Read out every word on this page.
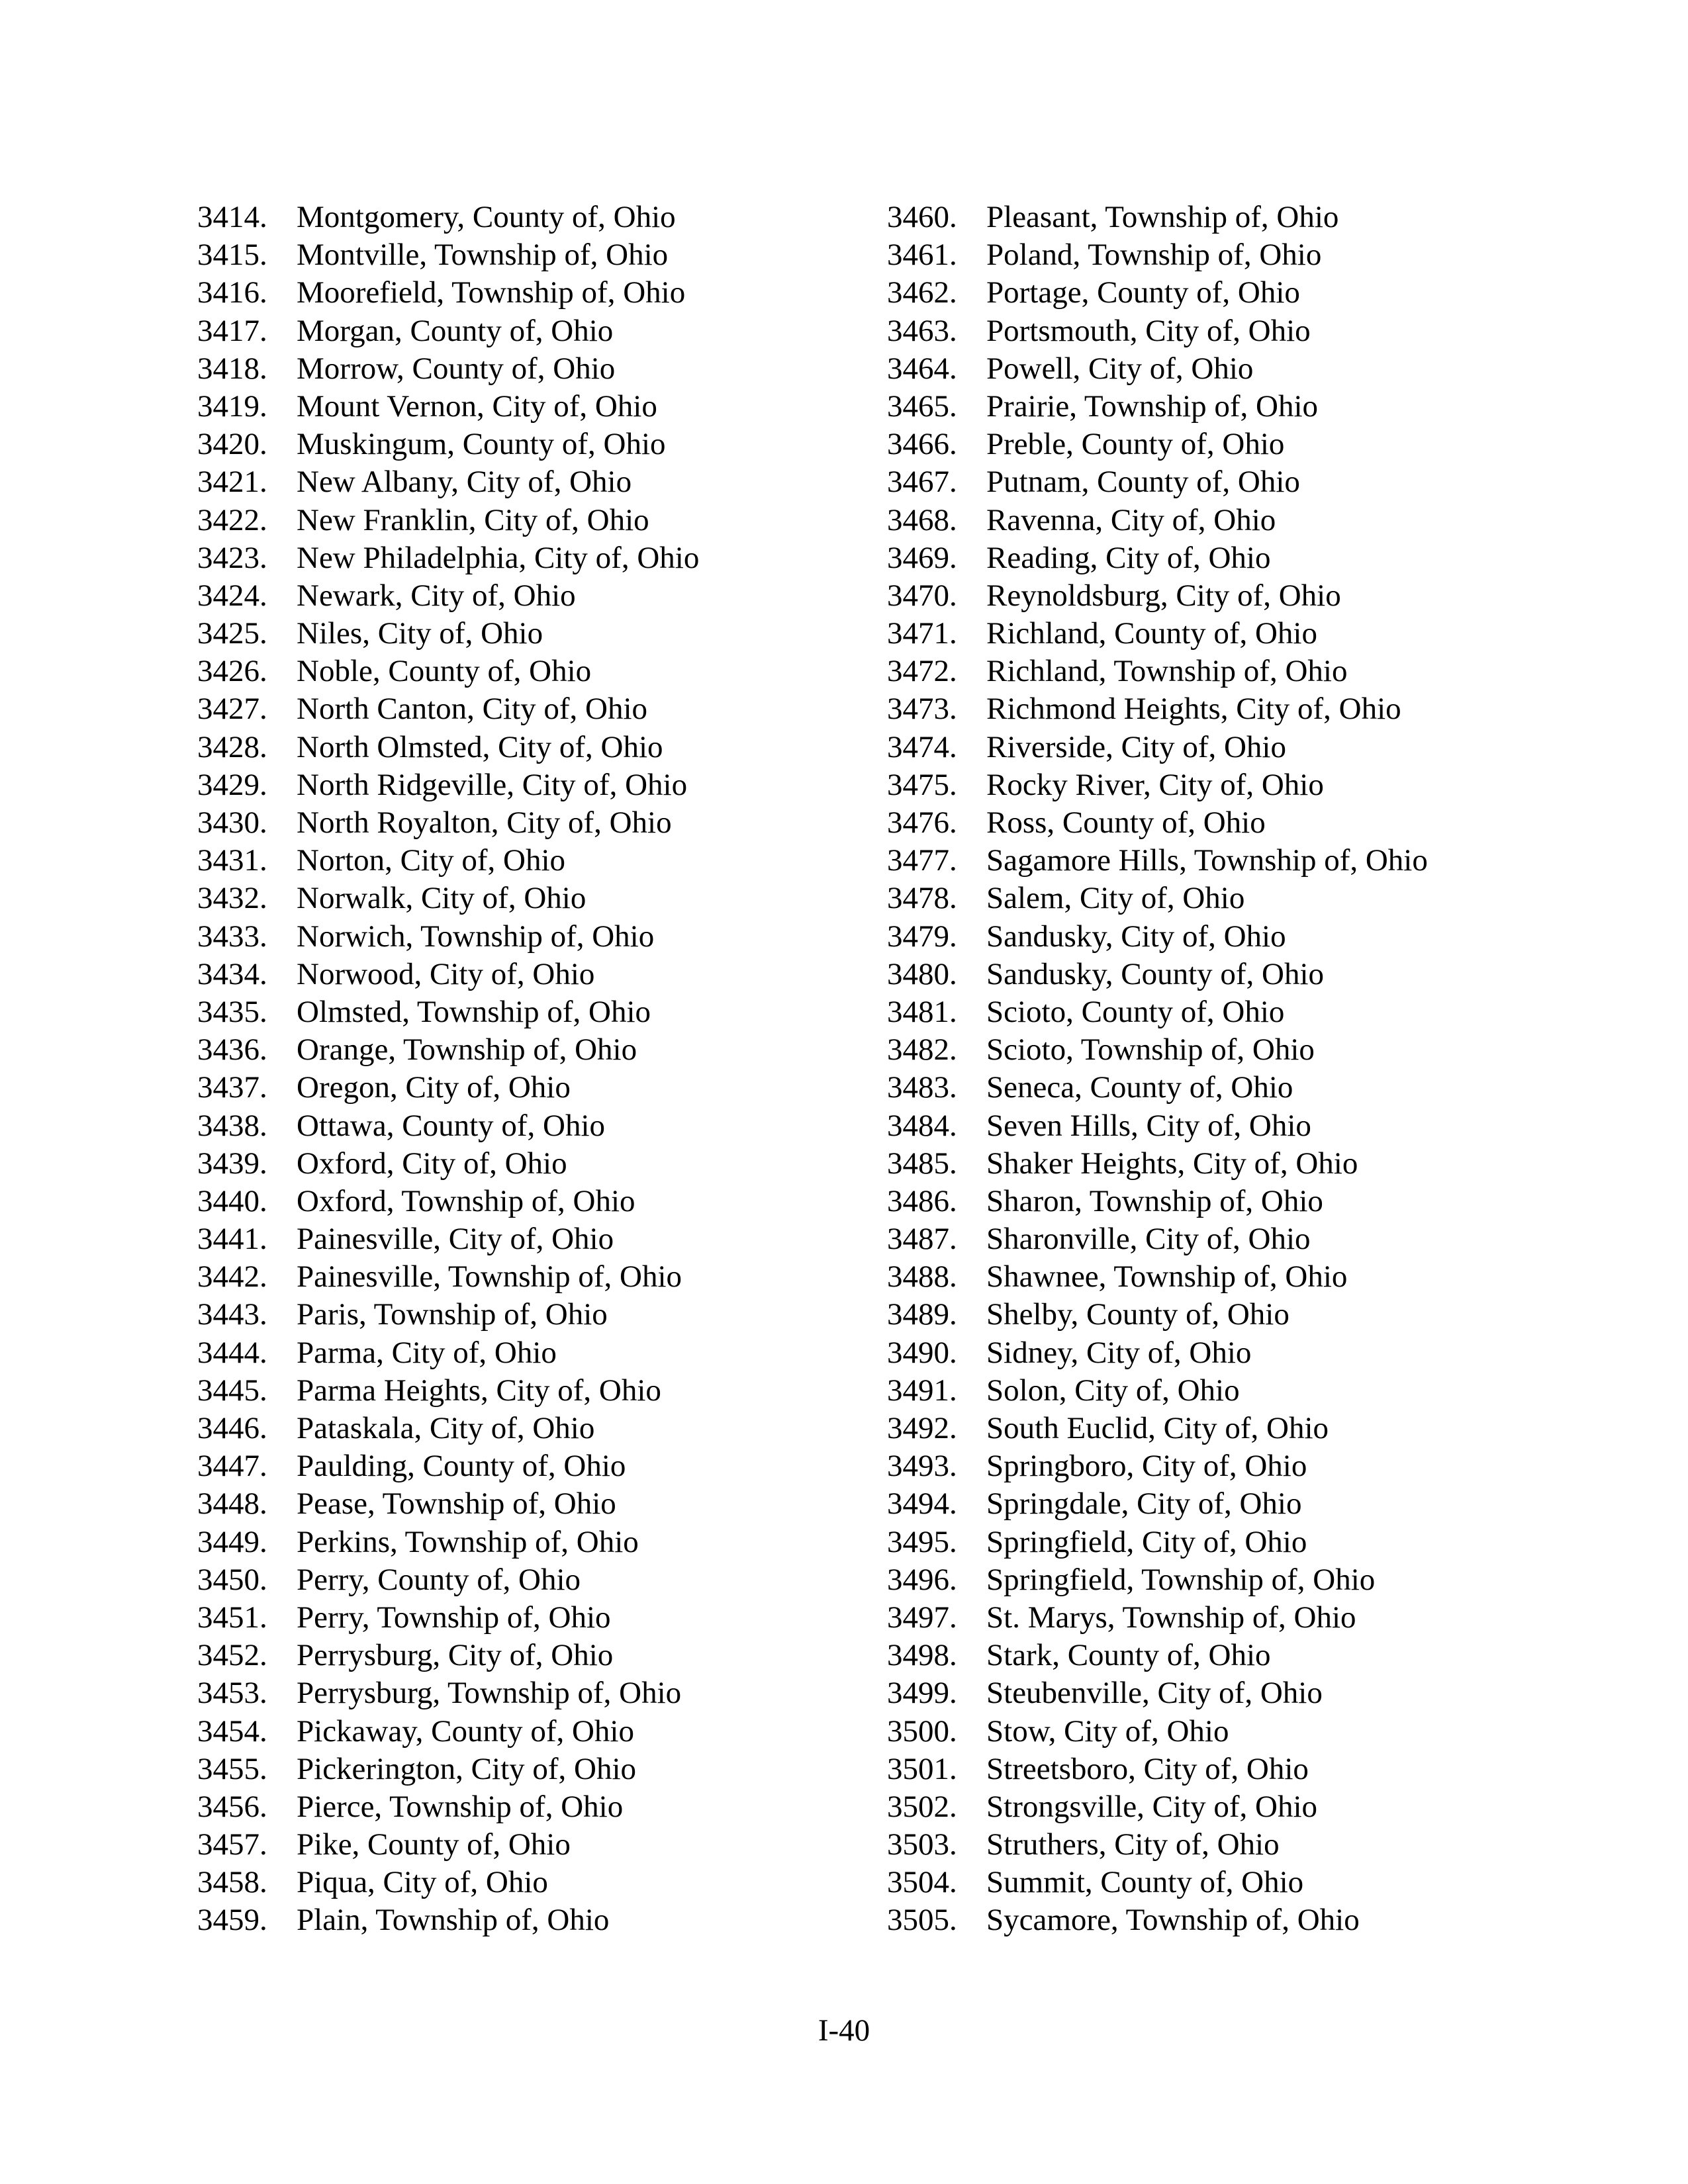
3414. Montgomery, County of, Ohio
3415. Montville, Township of, Ohio
3416. Moorefield, Township of, Ohio
3417. Morgan, County of, Ohio
3418. Morrow, County of, Ohio
3419. Mount Vernon, City of, Ohio
3420. Muskingum, County of, Ohio
3421. New Albany, City of, Ohio
3422. New Franklin, City of, Ohio
3423. New Philadelphia, City of, Ohio
3424. Newark, City of, Ohio
3425. Niles, City of, Ohio
3426. Noble, County of, Ohio
3427. North Canton, City of, Ohio
3428. North Olmsted, City of, Ohio
3429. North Ridgeville, City of, Ohio
3430. North Royalton, City of, Ohio
3431. Norton, City of, Ohio
3432. Norwalk, City of, Ohio
3433. Norwich, Township of, Ohio
3434. Norwood, City of, Ohio
3435. Olmsted, Township of, Ohio
3436. Orange, Township of, Ohio
3437. Oregon, City of, Ohio
3438. Ottawa, County of, Ohio
3439. Oxford, City of, Ohio
3440. Oxford, Township of, Ohio
3441. Painesville, City of, Ohio
3442. Painesville, Township of, Ohio
3443. Paris, Township of, Ohio
3444. Parma, City of, Ohio
3445. Parma Heights, City of, Ohio
3446. Pataskala, City of, Ohio
3447. Paulding, County of, Ohio
3448. Pease, Township of, Ohio
3449. Perkins, Township of, Ohio
3450. Perry, County of, Ohio
3451. Perry, Township of, Ohio
3452. Perrysburg, City of, Ohio
3453. Perrysburg, Township of, Ohio
3454. Pickaway, County of, Ohio
3455. Pickerington, City of, Ohio
3456. Pierce, Township of, Ohio
3457. Pike, County of, Ohio
3458. Piqua, City of, Ohio
3459. Plain, Township of, Ohio
3460. Pleasant, Township of, Ohio
3461. Poland, Township of, Ohio
3462. Portage, County of, Ohio
3463. Portsmouth, City of, Ohio
3464. Powell, City of, Ohio
3465. Prairie, Township of, Ohio
3466. Preble, County of, Ohio
3467. Putnam, County of, Ohio
3468. Ravenna, City of, Ohio
3469. Reading, City of, Ohio
3470. Reynoldsburg, City of, Ohio
3471. Richland, County of, Ohio
3472. Richland, Township of, Ohio
3473. Richmond Heights, City of, Ohio
3474. Riverside, City of, Ohio
3475. Rocky River, City of, Ohio
3476. Ross, County of, Ohio
3477. Sagamore Hills, Township of, Ohio
3478. Salem, City of, Ohio
3479. Sandusky, City of, Ohio
3480. Sandusky, County of, Ohio
3481. Scioto, County of, Ohio
3482. Scioto, Township of, Ohio
3483. Seneca, County of, Ohio
3484. Seven Hills, City of, Ohio
3485. Shaker Heights, City of, Ohio
3486. Sharon, Township of, Ohio
3487. Sharonville, City of, Ohio
3488. Shawnee, Township of, Ohio
3489. Shelby, County of, Ohio
3490. Sidney, City of, Ohio
3491. Solon, City of, Ohio
3492. South Euclid, City of, Ohio
3493. Springboro, City of, Ohio
3494. Springdale, City of, Ohio
3495. Springfield, City of, Ohio
3496. Springfield, Township of, Ohio
3497. St. Marys, Township of, Ohio
3498. Stark, County of, Ohio
3499. Steubenville, City of, Ohio
3500. Stow, City of, Ohio
3501. Streetsboro, City of, Ohio
3502. Strongsville, City of, Ohio
3503. Struthers, City of, Ohio
3504. Summit, County of, Ohio
3505. Sycamore, Township of, Ohio
I-40
